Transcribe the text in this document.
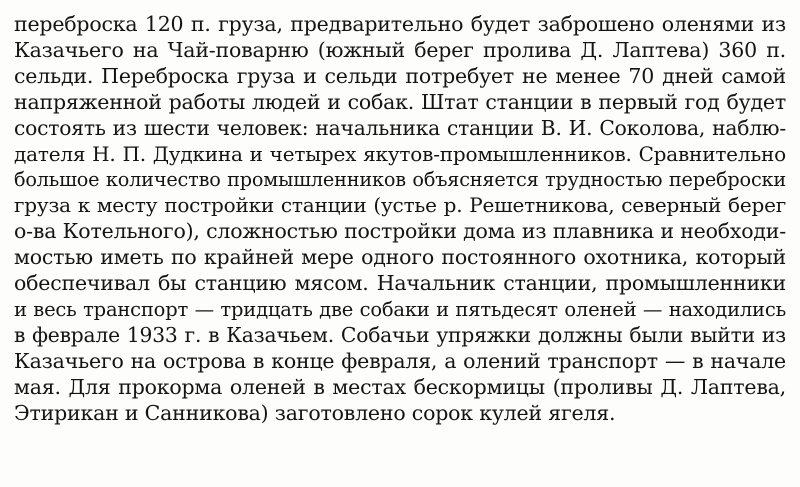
переброска 120 п. груза, предварительно будет заброшено оленями из
Казачьего на Чай-поварню (южный берег пролива Д. Лаптева) 360 п.
сельди. Переброска груза и сельди потребует не менее 70 дней самой
напряженной работы людей и собак. Штат станции в первый год будет
состоять из шести человек: начальника станции В. И. Соколова, наблю-
дателя Н. П. Дудкина и четырех якутов-промышленников. Сравнительно
большое количество промышленников объясняется трудностью переброски
груза к месту постройки станции (устье р. Решетникова, северный берег
о-ва Котельного), сложностью постройки дома из плавника и необходи-
мостью иметь по крайней мере одного постоянного охотника, который
обеспечивал бы станцию мясом. Начальник станции, промышленники
и весь транспорт — тридцать две собаки и пятьдесят оленей — находились
в феврале 1933 г. в Казачьем. Собачьи упряжки должны были выйти из
Казачьего на острова в конце февраля, а олений транспорт — в начале
мая. Для прокорма оленей в местах бескормицы (проливы Д. Лаптева,
Этирикан и Санникова) заготовлено сорок кулей ягеля.
